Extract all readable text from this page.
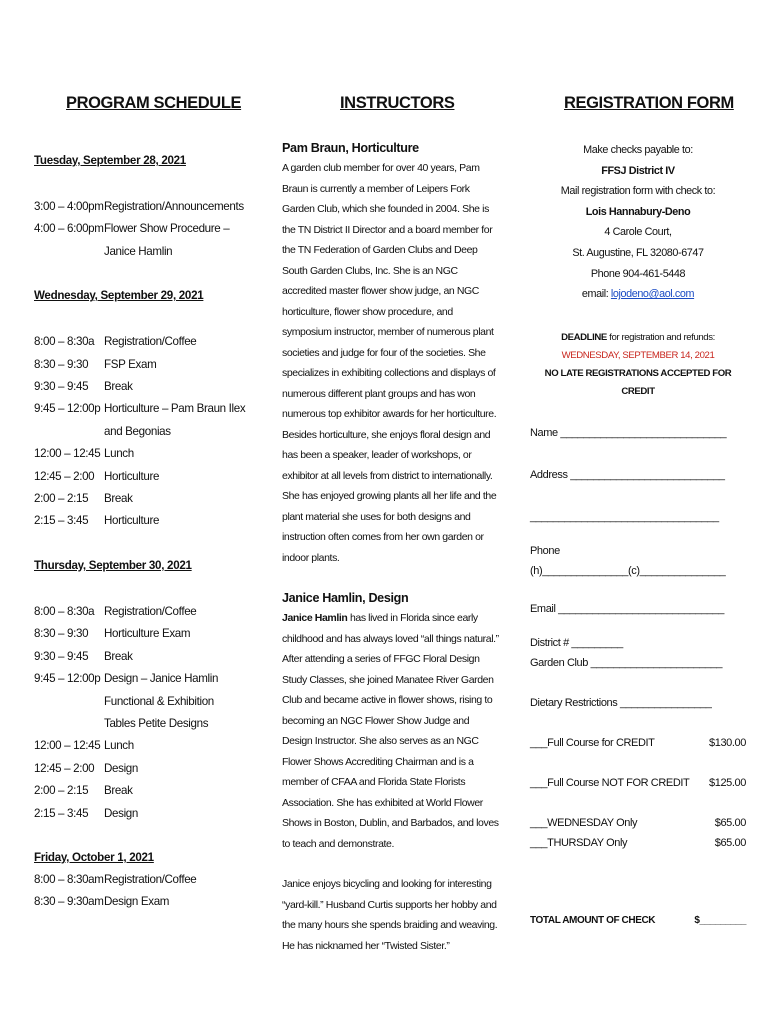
PROGRAM SCHEDULE
Tuesday, September 28, 2021
3:00 – 4:00pm Registration/Announcements
4:00 – 6:00pm Flower Show Procedure – Janice Hamlin
Wednesday, September 29, 2021
8:00 – 8:30a Registration/Coffee
8:30 – 9:30	FSP Exam
9:30 – 9:45	Break
9:45 – 12:00p Horticulture – Pam Braun Ilex and Begonias
12:00 – 12:45 Lunch
12:45 – 2:00 Horticulture
2:00 – 2:15	Break
2:15 – 3:45	Horticulture
Thursday, September 30, 2021
8:00 – 8:30a Registration/Coffee
8:30 – 9:30	Horticulture Exam
9:30 – 9:45	Break
9:45 – 12:00p Design – Janice Hamlin Functional & Exhibition Tables Petite Designs
12:00 – 12:45 Lunch
12:45 – 2:00 Design
2:00 – 2:15	Break
2:15 – 3:45	Design
Friday, October 1, 2021
8:00 – 8:30am Registration/Coffee
8:30 – 9:30am Design Exam
INSTRUCTORS
Pam Braun, Horticulture

A garden club member for over 40 years, Pam Braun is currently a member of Leipers Fork Garden Club, which she founded in 2004. She is the TN District II Director and a board member for the TN Federation of Garden Clubs and Deep South Garden Clubs, Inc. She is an NGC accredited master flower show judge, an NGC horticulture, flower show procedure, and symposium instructor, member of numerous plant societies and judge for four of the societies. She specializes in exhibiting collections and displays of numerous different plant groups and has won numerous top exhibitor awards for her horticulture. Besides horticulture, she enjoys floral design and has been a speaker, leader of workshops, or exhibitor at all levels from district to internationally. She has enjoyed growing plants all her life and the plant material she uses for both designs and instruction often comes from her own garden or indoor plants.

Janice Hamlin, Design

Janice Hamlin has lived in Florida since early childhood and has always loved “all things natural.” After attending a series of FFGC Floral Design Study Classes, she joined Manatee River Garden Club and became active in flower shows, rising to becoming an NGC Flower Show Judge and Design Instructor. She also serves as an NGC Flower Shows Accrediting Chairman and is a member of CFAA and Florida State Florists Association. She has exhibited at World Flower Shows in Boston, Dublin, and Barbados, and loves to teach and demonstrate.

Janice enjoys bicycling and looking for interesting “yard-kill.” Husband Curtis supports her hobby and the many hours she spends braiding and weaving. He has nicknamed her “Twisted Sister.”

REGISTRATION FORM
Make checks payable to:
FFSJ District IV
Mail registration form with check to:
Lois Hannabury-Deno
4 Carole Court,
St. Augustine, FL 32080-6747
Phone 904-461-5448
email: lojodeno@aol.com
DEADLINE for registration and refunds:
WEDNESDAY, SEPTEMBER 14, 2021
NO LATE REGISTRATIONS ACCEPTED FOR CREDIT
Name _____________________________
Address ___________________________
_________________________________
Phone
(h)_______________(c)_______________
Email _____________________________
District # _________
Garden Club _______________________
Dietary Restrictions ________________
___Full Course for CREDIT	$130.00
___Full Course NOT FOR CREDIT $125.00
___WEDNESDAY Only	$65.00
___THURSDAY Only	$65.00
TOTAL AMOUNT OF CHECK	$_________
